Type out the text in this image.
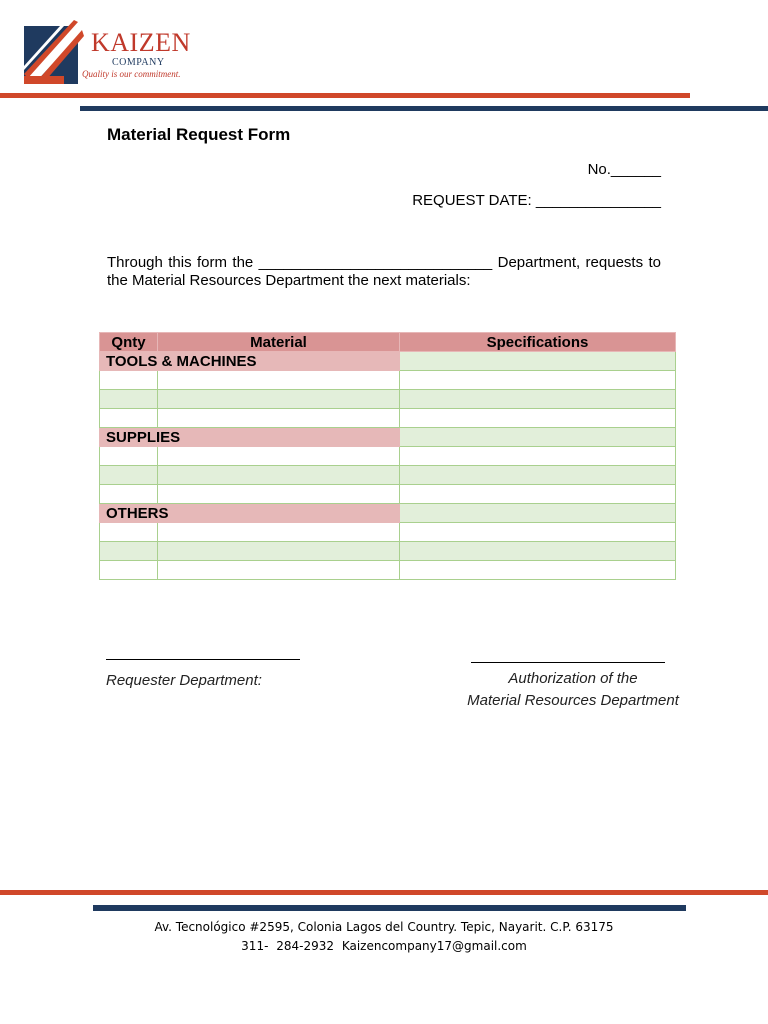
KAIZEN
COMPANY
Quality is our commitment.
Material Request Form
No.______
REQUEST DATE: _______________
Through this form the ____________________________ Department, requests to the Material Resources Department the next materials:
Qnty	Material	Specifications
TOOLS & MACHINES		

SUPPLIES		

OTHERS		

Requester Department:	Authorization of the
Material Resources Department
Av. Tecnológico #2595, Colonia Lagos del Country. Tepic, Nayarit. C.P. 63175
311- 284-2932 Kaizencompany17@gmail.com
